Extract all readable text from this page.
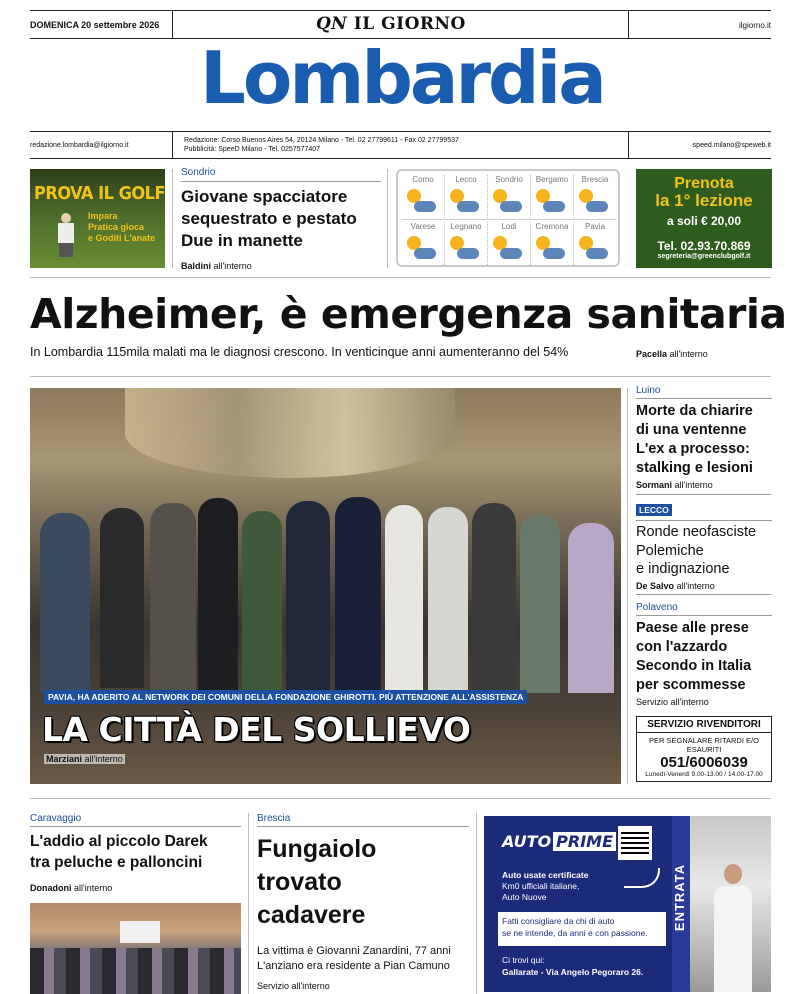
DOMENICA 20 settembre 2026	QN IL GIORNO	ilgiorno.it
Lombardia
redazione.lombardia@ilgiorno.it
Redazione: Corso Buenos Aires 54, 20124 Milano - Tel. 02 27799611 - Fax 02 27799537
Pubblicità: SpeeD Milano - Tel. 0257577407
speed.milano@speweb.it
PROVA IL GOLF
Impara
Pratica gioca
e Goditi L'anate
Sondrio
Giovane spacciatore
sequestrato e pestato
Due in manette
Baldini all'interno
Como	Lecco	Sondrio	Bergamo	Brescia
Varese	Legnano	Lodi	Cremona	Pavia
Prenota
la 1° lezione
a soli € 20,00
Tel. 02.93.70.869
segreteria@greenclubgolf.it
Alzheimer, è emergenza sanitaria
In Lombardia 115mila malati ma le diagnosi crescono. In venticinque anni aumenteranno del 54%	Pacella all'interno
PAVIA, HA ADERITO AL NETWORK DEI COMUNI DELLA FONDAZIONE GHIROTTI. PIÙ ATTENZIONE ALL'ASSISTENZA
LA CITTÀ DEL SOLLIEVO
Marziani all'interno
Luino
Morte da chiarire
di una ventenne
L'ex a processo:
stalking e lesioni
Sormani all'interno
LECCO
Ronde neofasciste
Polemiche
e indignazione
De Salvo all'interno
Polaveno
Paese alle prese
con l'azzardo
Secondo in Italia
per scommesse
Servizio all'interno
SERVIZIO RIVENDITORI
PER SEGNALARE RITARDI E/O ESAURITI
051/6006039
Lunedì-Venerdì 9.00-13.00 / 14.00-17.00
Caravaggio
L'addio al piccolo Darek
tra peluche e palloncini
Donadoni all'interno
Brescia
Fungaiolo
trovato
cadavere
La vittima è Giovanni Zanardini, 77 anni
L'anziano era residente a Pian Camuno
Servizio all'interno
AUTO PRIME
Auto usate certificate
Km0 ufficiali italiane,
Auto Nuove
Fatti consigliare da chi di auto
se ne intende, da anni e con passione.
Ci trovi qui:
Gallarate - Via Angelo Pegoraro 26.
ENTRATA
